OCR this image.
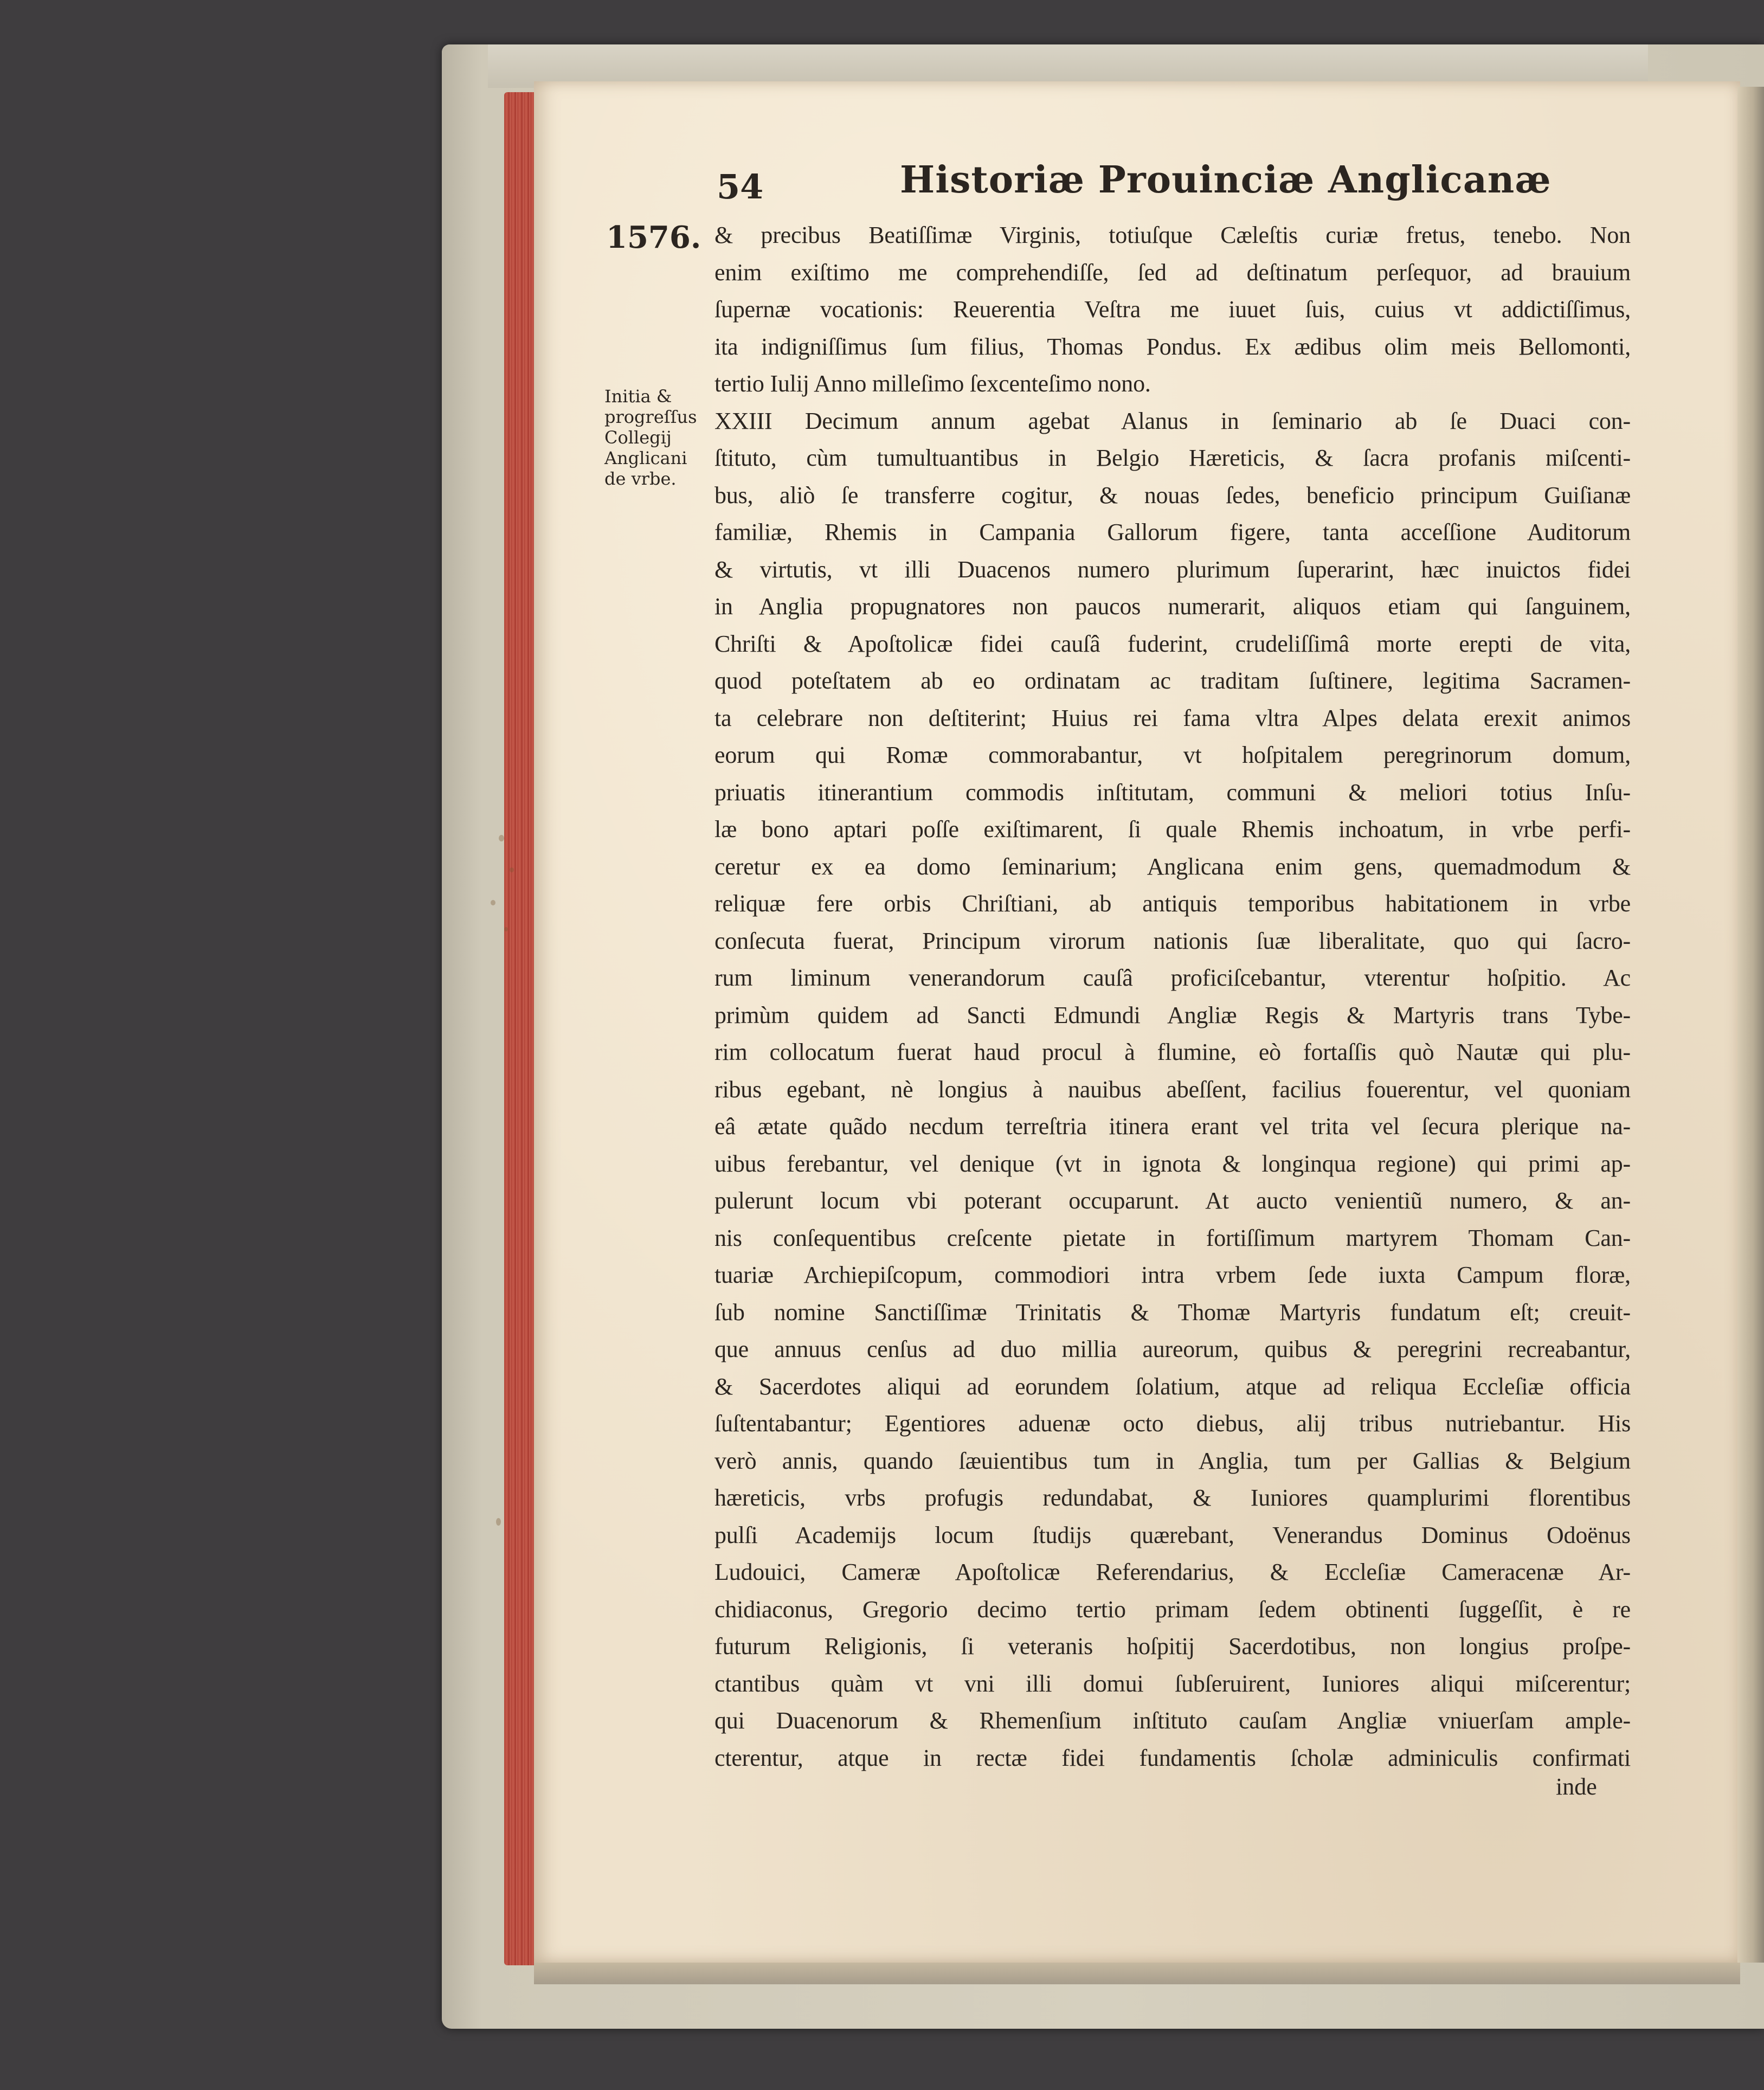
54	Historiæ Prouinciæ Anglicanæ
1576.
Initia &
progreſſus
Collegij
Anglicani
de vrbe.
& precibus Beatiſſimæ Virginis, totiuſque Cæleſtis curiæ fretus, tenebo. Non
enim exiſtimo me comprehendiſſe, ſed ad deſtinatum perſequor, ad brauium
ſupernæ vocationis: Reuerentia Veſtra me iuuet ſuis, cuius vt addictiſſimus,
ita indigniſſimus ſum filius, Thomas Pondus. Ex ædibus olim meis Bellomonti,
tertio Iulij Anno milleſimo ſexcenteſimo nono.
XXIII Decimum annum agebat Alanus in ſeminario ab ſe Duaci con-
ſtituto, cùm tumultuantibus in Belgio Hæreticis, & ſacra profanis miſcenti-
bus, aliò ſe transferre cogitur, & nouas ſedes, beneficio principum Guiſianæ
familiæ, Rhemis in Campania Gallorum figere, tanta acceſſione Auditorum
& virtutis, vt illi Duacenos numero plurimum ſuperarint, hæc inuictos fidei
in Anglia propugnatores non paucos numerarit, aliquos etiam qui ſanguinem,
Chriſti & Apoſtolicæ fidei cauſâ fuderint, crudeliſſimâ morte erepti de vita,
quod poteſtatem ab eo ordinatam ac traditam ſuſtinere, legitima Sacramen-
ta celebrare non deſtiterint; Huius rei fama vltra Alpes delata erexit animos
eorum qui Romæ commorabantur, vt hoſpitalem peregrinorum domum,
priuatis itinerantium commodis inſtitutam, communi & meliori totius Inſu-
læ bono aptari poſſe exiſtimarent, ſi quale Rhemis inchoatum, in vrbe perfi-
ceretur ex ea domo ſeminarium; Anglicana enim gens, quemadmodum &
reliquæ fere orbis Chriſtiani, ab antiquis temporibus habitationem in vrbe
conſecuta fuerat, Principum virorum nationis ſuæ liberalitate, quo qui ſacro-
rum liminum venerandorum cauſâ proficiſcebantur, vterentur hoſpitio. Ac
primùm quidem ad Sancti Edmundi Angliæ Regis & Martyris trans Tybe-
rim collocatum fuerat haud procul à flumine, eò fortaſſis quò Nautæ qui plu-
ribus egebant, nè longius à nauibus abeſſent, facilius fouerentur, vel quoniam
eâ ætate quãdo necdum terreſtria itinera erant vel trita vel ſecura plerique na-
uibus ferebantur, vel denique (vt in ignota & longinqua regione) qui primi ap-
pulerunt locum vbi poterant occuparunt. At aucto venientiũ numero, & an-
nis conſequentibus creſcente pietate in fortiſſimum martyrem Thomam Can-
tuariæ Archiepiſcopum, commodiori intra vrbem ſede iuxta Campum floræ,
ſub nomine Sanctiſſimæ Trinitatis & Thomæ Martyris fundatum eſt; creuit-
que annuus cenſus ad duo millia aureorum, quibus & peregrini recreabantur,
& Sacerdotes aliqui ad eorundem ſolatium, atque ad reliqua Eccleſiæ officia
ſuſtentabantur; Egentiores aduenæ octo diebus, alij tribus nutriebantur. His
verò annis, quando ſæuientibus tum in Anglia, tum per Gallias & Belgium
hæreticis, vrbs profugis redundabat, & Iuniores quamplurimi florentibus
pulſi Academijs locum ſtudijs quærebant, Venerandus Dominus Odoënus
Ludouici, Cameræ Apoſtolicæ Referendarius, & Eccleſiæ Cameracenæ Ar-
chidiaconus, Gregorio decimo tertio primam ſedem obtinenti ſuggeſſit, è re
futurum Religionis, ſi veteranis hoſpitij Sacerdotibus, non longius proſpe-
ctantibus quàm vt vni illi domui ſubſeruirent, Iuniores aliqui miſcerentur;
qui Duacenorum & Rhemenſium inſtituto cauſam Angliæ vniuerſam ample-
cterentur, atque in rectæ fidei fundamentis ſcholæ adminiculis confirmati
inde
